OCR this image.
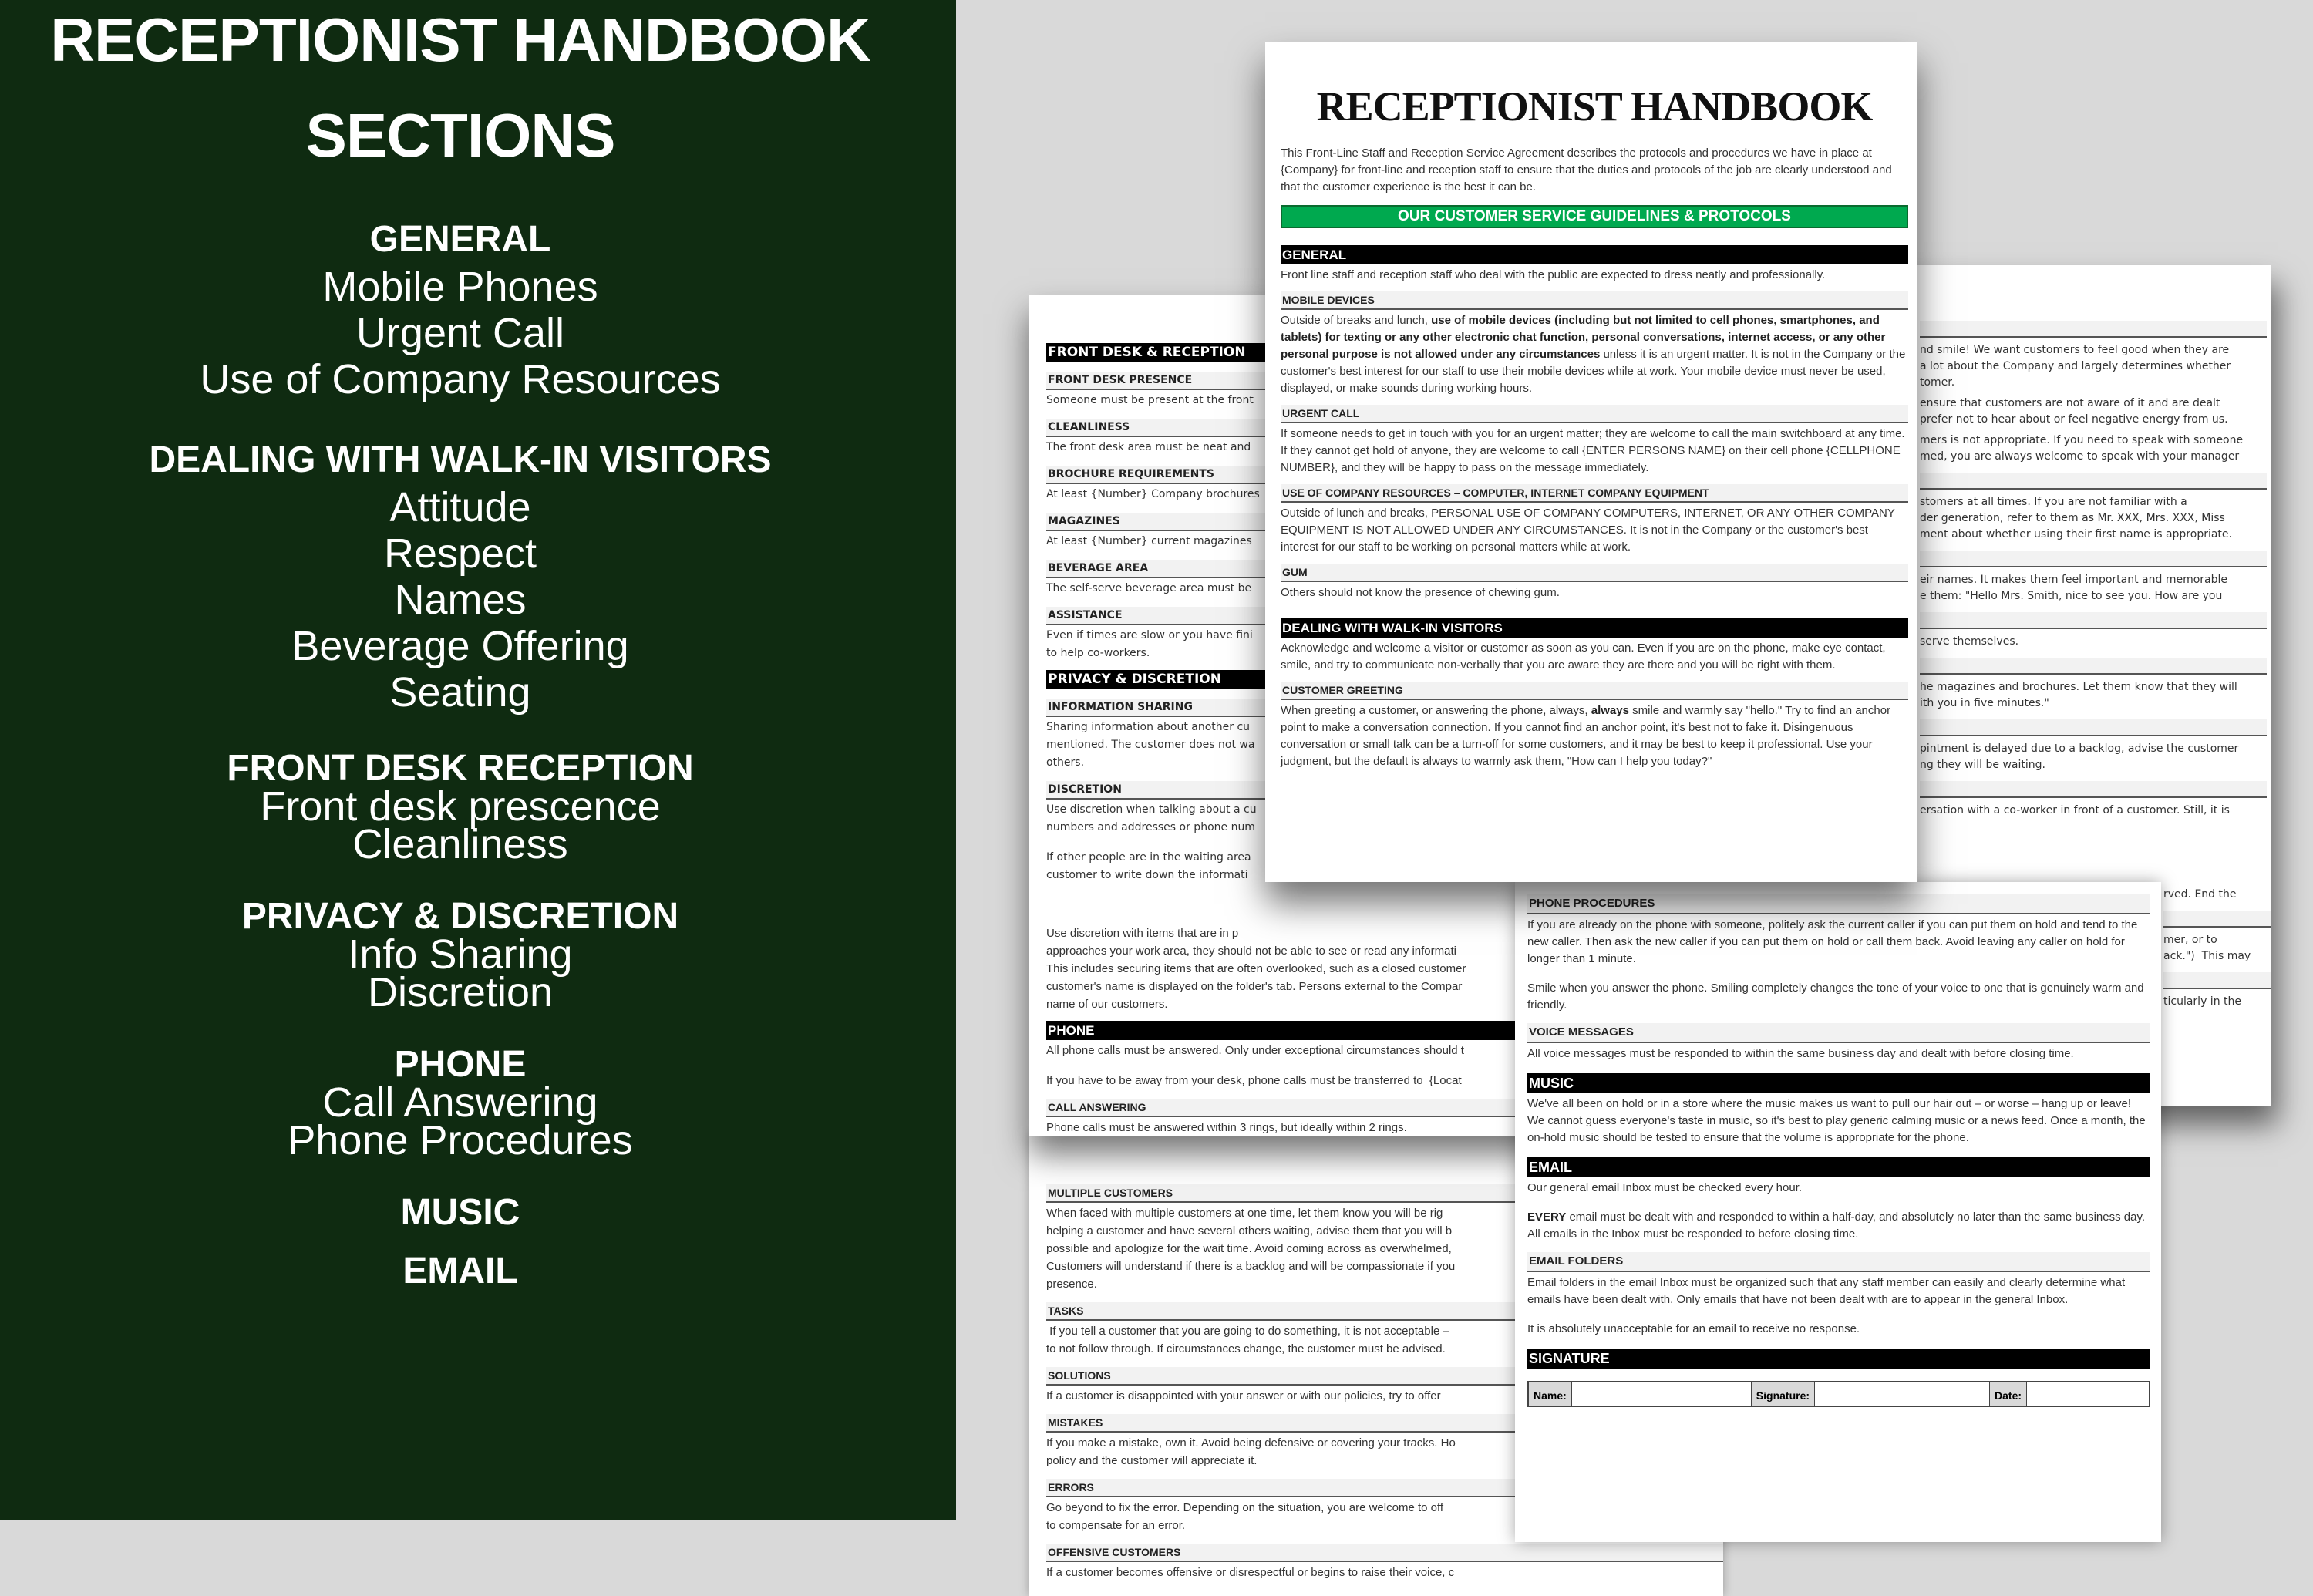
RECEPTIONIST HANDBOOK
SECTIONS
GENERAL
Mobile Phones
Urgent Call
Use of Company Resources
DEALING WITH WALK-IN VISITORS
Attitude
Respect
Names
Beverage Offering
Seating
FRONT DESK RECEPTION
Front desk prescence
Cleanliness
PRIVACY & DISCRETION
Info Sharing
Discretion
PHONE
Call Answering
Phone Procedures
MUSIC
EMAIL

MULTIPLE CUSTOMERS

When faced with multiple customers at one time, let them know you will be rig
helping a customer and have several others waiting, advise them that you will b
possible and apologize for the wait time. Avoid coming across as overwhelmed,
Customers will understand if there is a backlog and will be compassionate if you
presence.

TASKS

If you tell a customer that you are going to do something, it is not acceptable –
to not follow through. If circumstances change, the customer must be advised.

SOLUTIONS

If a customer is disappointed with your answer or with our policies, try to offer

MISTAKES

If you make a mistake, own it. Avoid being defensive or covering your tracks. Ho
policy and the customer will appreciate it.

ERRORS

Go beyond to fix the error. Depending on the situation, you are welcome to off
to compensate for an error.

OFFENSIVE CUSTOMERS

If a customer becomes offensive or disrespectful or begins to raise their voice, c

FRONT DESK & RECEPTION
FRONT DESK PRESENCE

Someone must be present at the front

CLEANLINESS

The front desk area must be neat and

BROCHURE REQUIREMENTS

At least {Number} Company brochures

MAGAZINES

At least {Number} current magazines

BEVERAGE AREA

The self-serve beverage area must be

ASSISTANCE

Even if times are slow or you have fini
to help co-workers.

PRIVACY & DISCRETION
INFORMATION SHARING

Sharing information about another cu
mentioned. The customer does not wa
others.

DISCRETION

Use discretion when talking about a cu
numbers and addresses or phone num

If other people are in the waiting area
customer to write down the informati

Use discretion with items that are in p
approaches your work area, they should not be able to see or read any informati
This includes securing items that are often overlooked, such as a closed customer
customer's name is displayed on the folder's tab. Persons external to the Compar
name of our customers.

PHONE

All phone calls must be answered. Only under exceptional circumstances should t

If you have to be away from your desk, phone calls must be transferred to  {Locat

CALL ANSWERING

Phone calls must be answered within 3 rings, but ideally within 2 rings.

nd smile! We want customers to feel good when they are
a lot about the Company and largely determines whether
tomer.

ensure that customers are not aware of it and are dealt
prefer not to hear about or feel negative energy from us.

mers is not appropriate. If you need to speak with someone
med, you are always welcome to speak with your manager

stomers at all times. If you are not familiar with a
der generation, refer to them as Mr. XXX, Mrs. XXX, Miss
ment about whether using their first name is appropriate.

eir names. It makes them feel important and memorable
e them: "Hello Mrs. Smith, nice to see you. How are you

serve themselves.

he magazines and brochures. Let them know that they will
ith you in five minutes."

pintment is delayed due to a backlog, advise the customer
ng they will be waiting.

ersation with a co-worker in front of a customer. Still, it is

rved. End the

mer, or to
ack.")  This may

ticularly in the

PHONE PROCEDURES

If you are already on the phone with someone, politely ask the current caller if you can put them on hold and tend to the new caller. Then ask the new caller if you can put them on hold or call them back. Avoid leaving any caller on hold for longer than 1 minute.

Smile when you answer the phone. Smiling completely changes the tone of your voice to one that is genuinely warm and friendly.

VOICE MESSAGES

All voice messages must be responded to within the same business day and dealt with before closing time.

MUSIC

We've all been on hold or in a store where the music makes us want to pull our hair out – or worse – hang up or leave! We cannot guess everyone's taste in music, so it's best to play generic calming music or a news feed. Once a month, the on-hold music should be tested to ensure that the volume is appropriate for the phone.

EMAIL

Our general email Inbox must be checked every hour.

EVERY email must be dealt with and responded to within a half-day, and absolutely no later than the same business day. All emails in the Inbox must be responded to before closing time.

EMAIL FOLDERS

Email folders in the email Inbox must be organized such that any staff member can easily and clearly determine what emails have been dealt with. Only emails that have not been dealt with are to appear in the general Inbox.

It is absolutely unacceptable for an email to receive no response.

SIGNATURE
Name:	Signature:	Date:
RECEPTIONIST HANDBOOK

This Front-Line Staff and Reception Service Agreement describes the protocols and procedures we have in place at {Company} for front-line and reception staff to ensure that the duties and protocols of the job are clearly understood and that the customer experience is the best it can be.

OUR CUSTOMER SERVICE GUIDELINES & PROTOCOLS
GENERAL

Front line staff and reception staff who deal with the public are expected to dress neatly and professionally.

MOBILE DEVICES

Outside of breaks and lunch, use of mobile devices (including but not limited to cell phones, smartphones, and tablets) for texting or any other electronic chat function, personal conversations, internet access, or any other personal purpose is not allowed under any circumstances unless it is an urgent matter. It is not in the Company or the customer's best interest for our staff to use their mobile devices while at work. Your mobile device must never be used, displayed, or make sounds during working hours.

URGENT CALL

If someone needs to get in touch with you for an urgent matter; they are welcome to call the main switchboard at any time. If they cannot get hold of anyone, they are welcome to call {ENTER PERSONS NAME} on their cell phone {CELLPHONE NUMBER}, and they will be happy to pass on the message immediately.

USE OF COMPANY RESOURCES – COMPUTER, INTERNET COMPANY EQUIPMENT

Outside of lunch and breaks, PERSONAL USE OF COMPANY COMPUTERS, INTERNET, OR ANY OTHER COMPANY EQUIPMENT IS NOT ALLOWED UNDER ANY CIRCUMSTANCES. It is not in the Company or the customer's best interest for our staff to be working on personal matters while at work.

GUM

Others should not know the presence of chewing gum.

DEALING WITH WALK-IN VISITORS

Acknowledge and welcome a visitor or customer as soon as you can. Even if you are on the phone, make eye contact, smile, and try to communicate non-verbally that you are aware they are there and you will be right with them.

CUSTOMER GREETING

When greeting a customer, or answering the phone, always, always smile and warmly say "hello." Try to find an anchor point to make a conversation connection. If you cannot find an anchor point, it's best not to fake it. Disingenuous conversation or small talk can be a turn-off for some customers, and it may be best to keep it professional. Use your judgment, but the default is always to warmly ask them, "How can I help you today?"
